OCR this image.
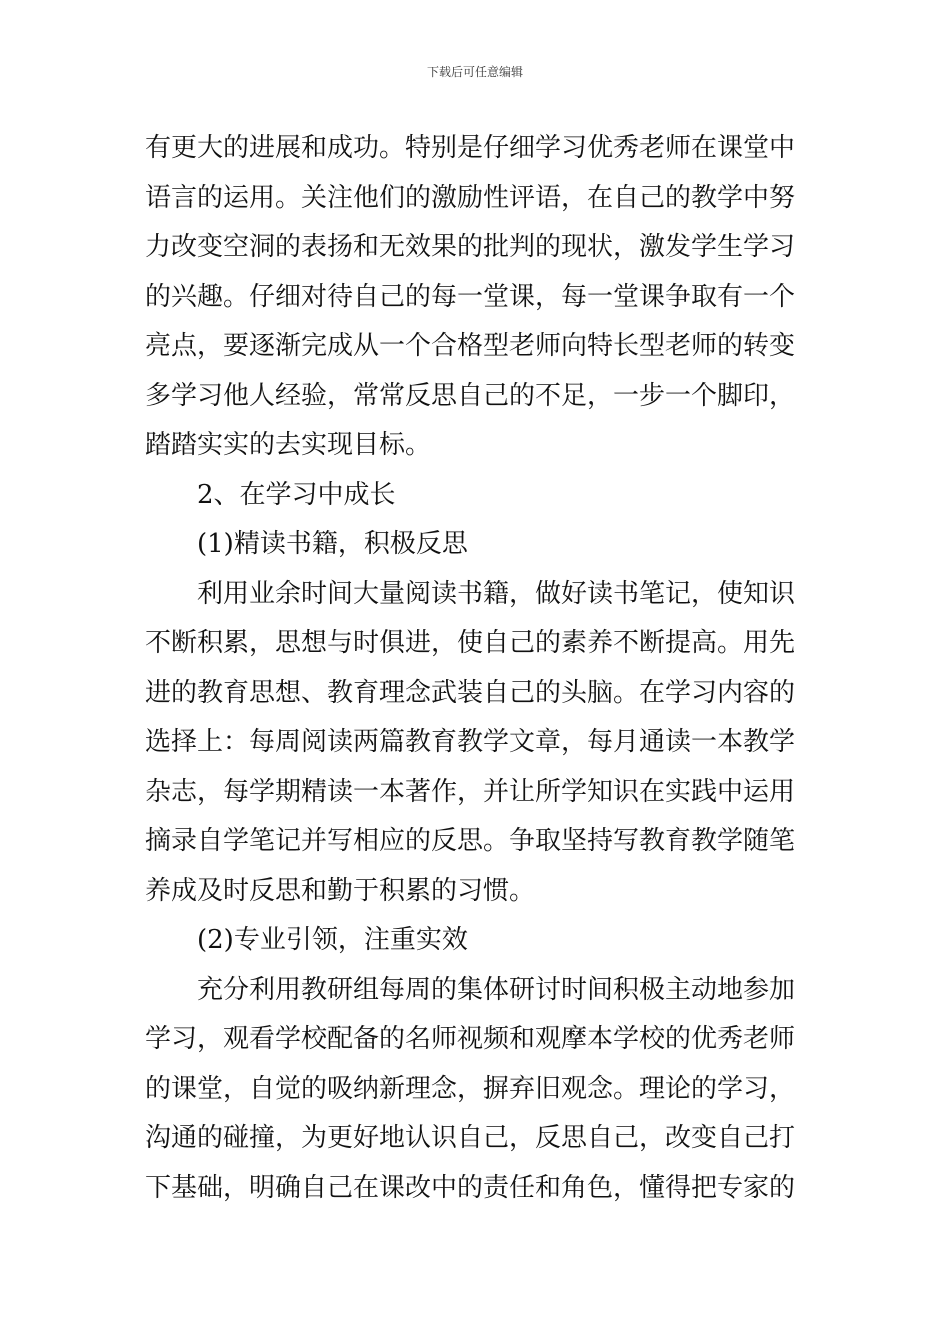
下载后可任意编辑
有更大的进展和成功。特别是仔细学习优秀老师在课堂中
语言的运用。关注他们的激励性评语，在自己的教学中努
力改变空洞的表扬和无效果的批判的现状，激发学生学习
的兴趣。仔细对待自己的每一堂课，每一堂课争取有一个
亮点，要逐渐完成从一个合格型老师向特长型老师的转变
多学习他人经验，常常反思自己的不足，一步一个脚印，
踏踏实实的去实现目标。
2、在学习中成长
(1)精读书籍，积极反思
利用业余时间大量阅读书籍，做好读书笔记，使知识
不断积累，思想与时俱进，使自己的素养不断提高。用先
进的教育思想、教育理念武装自己的头脑。在学习内容的
选择上：每周阅读两篇教育教学文章，每月通读一本教学
杂志，每学期精读一本著作，并让所学知识在实践中运用
摘录自学笔记并写相应的反思。争取坚持写教育教学随笔
养成及时反思和勤于积累的习惯。
(2)专业引领，注重实效
充分利用教研组每周的集体研讨时间积极主动地参加
学习，观看学校配备的名师视频和观摩本学校的优秀老师
的课堂，自觉的吸纳新理念，摒弃旧观念。理论的学习，
沟通的碰撞，为更好地认识自己，反思自己，改变自己打
下基础，明确自己在课改中的责任和角色，懂得把专家的
